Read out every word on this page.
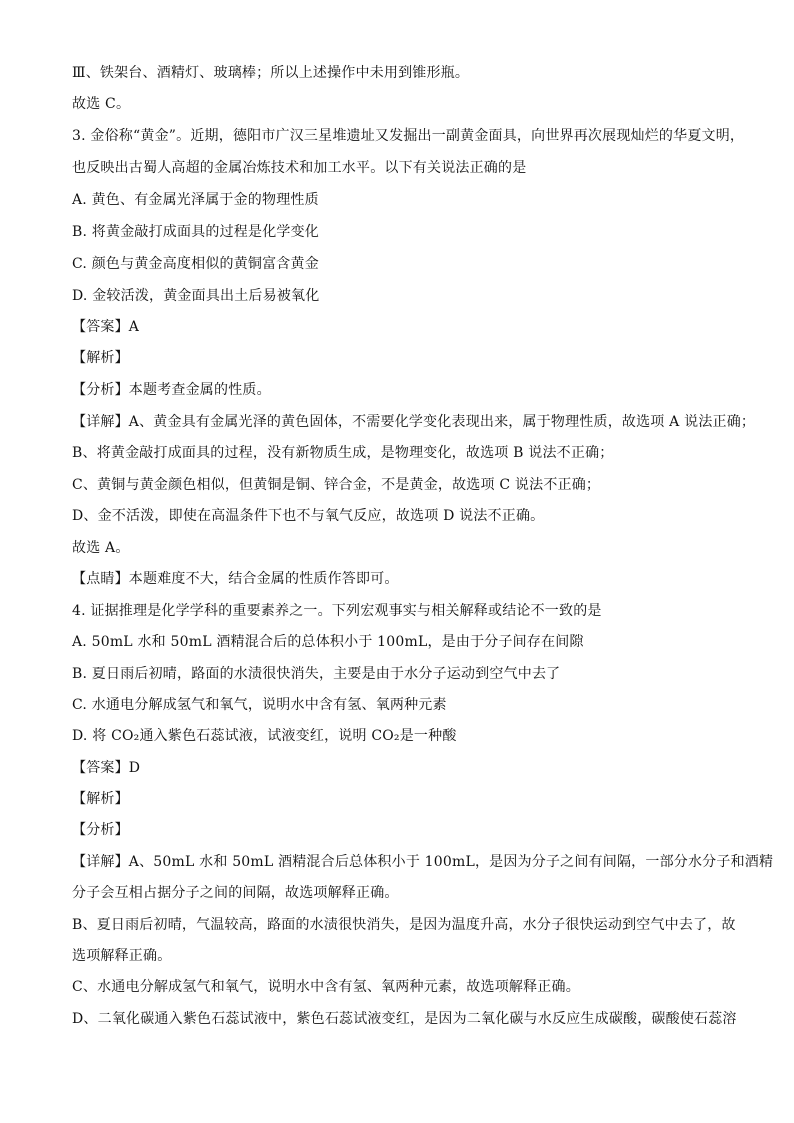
Ⅲ、铁架台、酒精灯、玻璃棒；所以上述操作中未用到锥形瓶。
故选 C。
3. 金俗称“黄金”。近期，德阳市广汉三星堆遗址又发掘出一副黄金面具，向世界再次展现灿烂的华夏文明，
也反映出古蜀人高超的金属冶炼技术和加工水平。以下有关说法正确的是
A. 黄色、有金属光泽属于金的物理性质
B. 将黄金敲打成面具的过程是化学变化
C. 颜色与黄金高度相似的黄铜富含黄金
D. 金较活泼，黄金面具出土后易被氧化
【答案】A
【解析】
【分析】本题考查金属的性质。
【详解】A、黄金具有金属光泽的黄色固体，不需要化学变化表现出来，属于物理性质，故选项 A 说法正确；
B、将黄金敲打成面具的过程，没有新物质生成，是物理变化，故选项 B 说法不正确；
C、黄铜与黄金颜色相似，但黄铜是铜、锌合金，不是黄金，故选项 C 说法不正确；
D、金不活泼，即使在高温条件下也不与氧气反应，故选项 D 说法不正确。
故选 A。
【点睛】本题难度不大，结合金属的性质作答即可。
4. 证据推理是化学学科的重要素养之一。下列宏观事实与相关解释或结论不一致的是
A. 50mL 水和 50mL 酒精混合后的总体积小于 100mL，是由于分子间存在间隙
B. 夏日雨后初晴，路面的水渍很快消失，主要是由于水分子运动到空气中去了
C. 水通电分解成氢气和氧气，说明水中含有氢、氧两种元素
D. 将 CO₂通入紫色石蕊试液，试液变红，说明 CO₂是一种酸
【答案】D
【解析】
【分析】
【详解】A、50mL 水和 50mL 酒精混合后总体积小于 100mL，是因为分子之间有间隔，一部分水分子和酒精
分子会互相占据分子之间的间隔，故选项解释正确。
B、夏日雨后初晴，气温较高，路面的水渍很快消失，是因为温度升高，水分子很快运动到空气中去了，故
选项解释正确。
C、水通电分解成氢气和氧气，说明水中含有氢、氧两种元素，故选项解释正确。
D、二氧化碳通入紫色石蕊试液中，紫色石蕊试液变红，是因为二氧化碳与水反应生成碳酸，碳酸使石蕊溶
